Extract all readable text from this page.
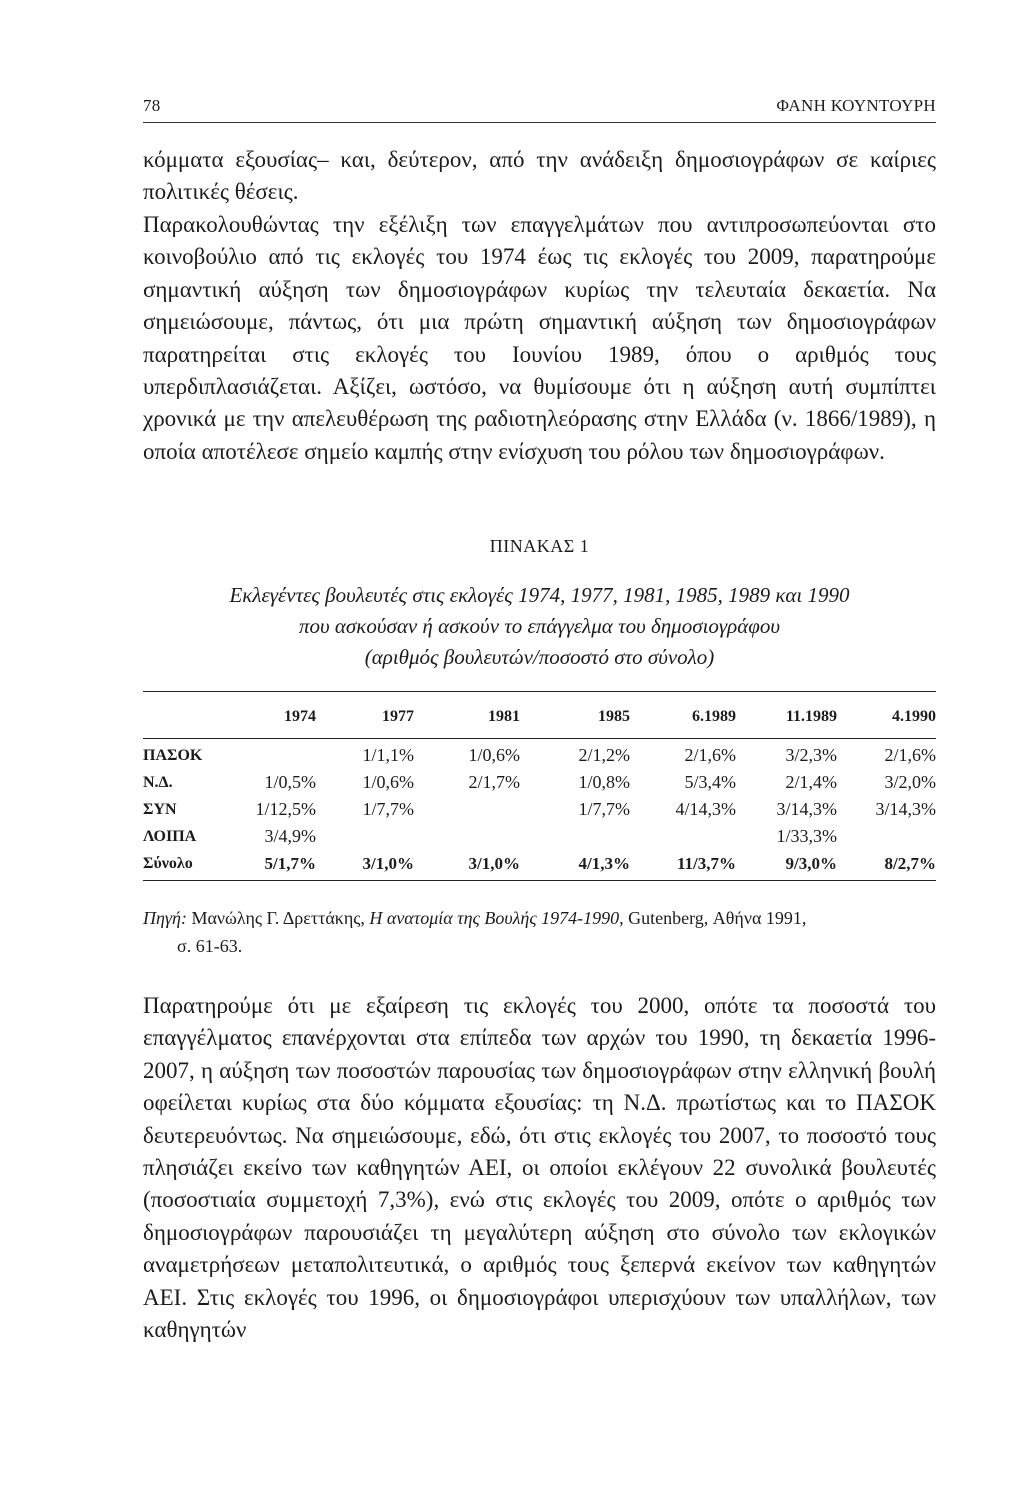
78	ΦΑΝΗ ΚΟΥΝΤΟΥΡΗ

κόμματα εξουσίας– και, δεύτερον, από την ανάδειξη δημοσιογράφων σε καίριες πολιτικές θέσεις.

Παρακολουθώντας την εξέλιξη των επαγγελμάτων που αντιπροσωπεύονται στο κοινοβούλιο από τις εκλογές του 1974 έως τις εκλογές του 2009, παρατηρούμε σημαντική αύξηση των δημοσιογράφων κυρίως την τελευταία δεκαετία. Να σημειώσουμε, πάντως, ότι μια πρώτη σημαντική αύξηση των δημοσιογράφων παρατηρείται στις εκλογές του Ιουνίου 1989, όπου ο αριθμός τους υπερδιπλασιάζεται. Αξίζει, ωστόσο, να θυμίσουμε ότι η αύξηση αυτή συμπίπτει χρονικά με την απελευθέρωση της ραδιοτηλεόρασης στην Ελλάδα (ν. 1866/1989), η οποία αποτέλεσε σημείο καμπής στην ενίσχυση του ρόλου των δημοσιογράφων.

ΠΙΝΑΚΑΣ 1
Εκλεγέντες βουλευτές στις εκλογές 1974, 1977, 1981, 1985, 1989 και 1990
που ασκούσαν ή ασκούν το επάγγελμα του δημοσιογράφου
(αριθμός βουλευτών/ποσοστό στο σύνολο)
	1974	1977	1981	1985	6.1989	11.1989	4.1990
ΠΑΣΟΚ		1/1,1%	1/0,6%	2/1,2%	2/1,6%	3/2,3%	2/1,6%
Ν.Δ.	1/0,5%	1/0,6%	2/1,7%	1/0,8%	5/3,4%	2/1,4%	3/2,0%
ΣΥΝ	1/12,5%	1/7,7%		1/7,7%	4/14,3%	3/14,3%	3/14,3%
ΛΟΙΠΑ	3/4,9%					1/33,3%	
Σύνολο	5/1,7%	3/1,0%	3/1,0%	4/1,3%	11/3,7%	9/3,0%	8/2,7%
Πηγή: Μανώλης Γ. Δρεττάκης, Η ανατομία της Βουλής 1974-1990, Gutenberg, Αθήνα 1991,
σ. 61-63.

Παρατηρούμε ότι με εξαίρεση τις εκλογές του 2000, οπότε τα ποσοστά του επαγγέλματος επανέρχονται στα επίπεδα των αρχών του 1990, τη δεκαετία 1996-2007, η αύξηση των ποσοστών παρουσίας των δημοσιογράφων στην ελληνική βουλή οφείλεται κυρίως στα δύο κόμματα εξουσίας: τη Ν.Δ. πρωτίστως και το ΠΑΣΟΚ δευτερευόντως. Να σημειώσουμε, εδώ, ότι στις εκλογές του 2007, το ποσοστό τους πλησιάζει εκείνο των καθηγητών ΑΕΙ, οι οποίοι εκλέγουν 22 συνολικά βουλευτές (ποσοστιαία συμμετοχή 7,3%), ενώ στις εκλογές του 2009, οπότε ο αριθμός των δημοσιογράφων παρουσιάζει τη μεγαλύτερη αύξηση στο σύνολο των εκλογικών αναμετρήσεων μεταπολιτευτικά, ο αριθμός τους ξεπερνά εκείνον των καθηγητών ΑΕΙ. Στις εκλογές του 1996, οι δημοσιογράφοι υπερισχύουν των υπαλλήλων, των καθηγητών
